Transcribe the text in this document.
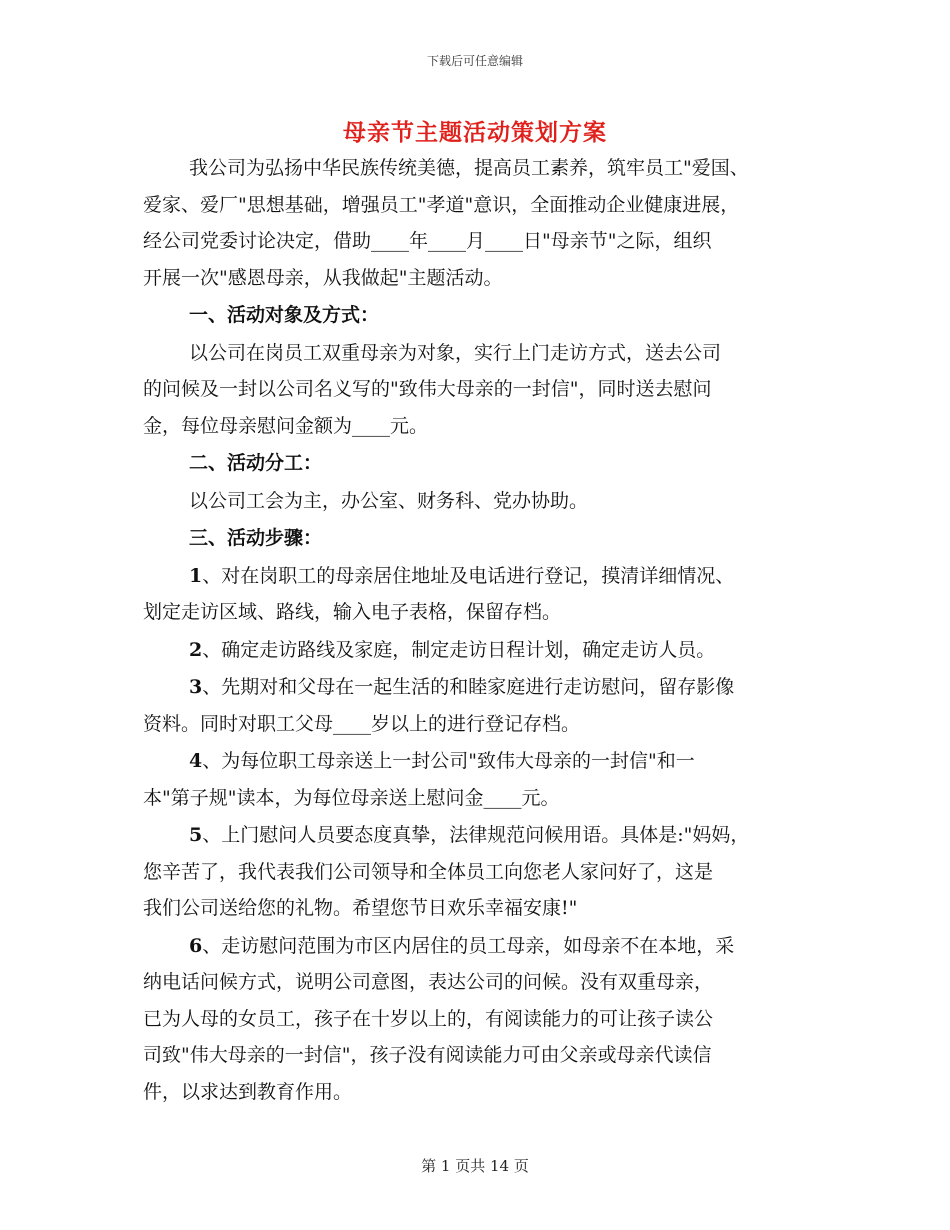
下载后可任意编辑
母亲节主题活动策划方案
我公司为弘扬中华民族传统美德，提高员工素养，筑牢员工"爱国、
爱家、爱厂"思想基础，增强员工"孝道"意识，全面推动企业健康进展，
经公司党委讨论决定，借助____年____月____日"母亲节"之际，组织
开展一次"感恩母亲，从我做起"主题活动。
一、活动对象及方式：
以公司在岗员工双重母亲为对象，实行上门走访方式，送去公司
的问候及一封以公司名义写的"致伟大母亲的一封信"，同时送去慰问
金，每位母亲慰问金额为____元。
二、活动分工：
以公司工会为主，办公室、财务科、党办协助。
三、活动步骤：
1、对在岗职工的母亲居住地址及电话进行登记，摸清详细情况、
划定走访区域、路线，输入电子表格，保留存档。
2、确定走访路线及家庭，制定走访日程计划，确定走访人员。
3、先期对和父母在一起生活的和睦家庭进行走访慰问，留存影像
资料。同时对职工父母____岁以上的进行登记存档。
4、为每位职工母亲送上一封公司"致伟大母亲的一封信"和一
本"第子规"读本，为每位母亲送上慰问金____元。
5、上门慰问人员要态度真挚，法律规范问候用语。具体是:"妈妈，
您辛苦了，我代表我们公司领导和全体员工向您老人家问好了，这是
我们公司送给您的礼物。希望您节日欢乐幸福安康!"
6、走访慰问范围为市区内居住的员工母亲，如母亲不在本地，采
纳电话问候方式，说明公司意图，表达公司的问候。没有双重母亲，
已为人母的女员工，孩子在十岁以上的，有阅读能力的可让孩子读公
司致"伟大母亲的一封信"，孩子没有阅读能力可由父亲或母亲代读信
件，以求达到教育作用。
第 1 页共 14 页
